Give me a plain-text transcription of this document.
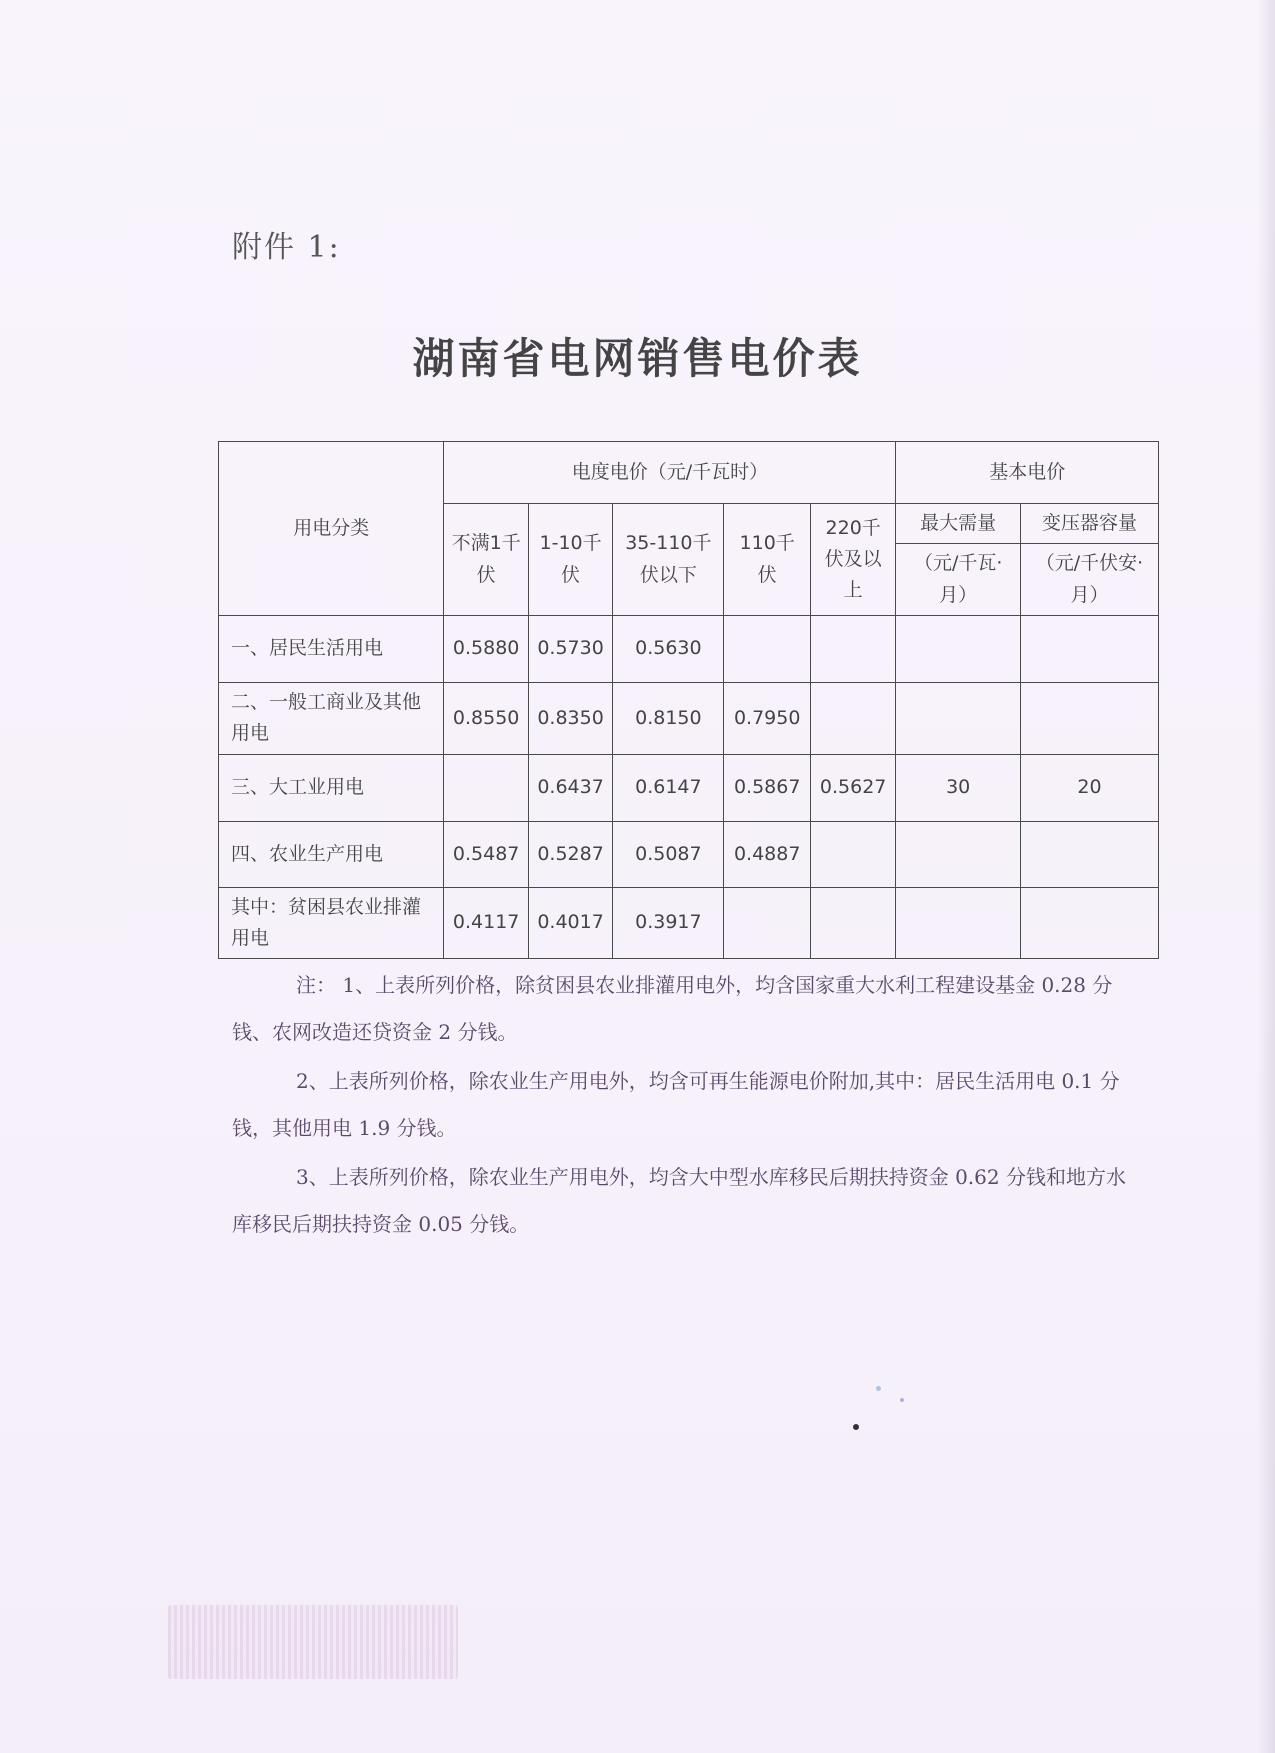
附件 1:
湖南省电网销售电价表
用电分类	电度电价（元/千瓦时）					基本电价	
	不满1千伏	1-10千伏	35-110千伏以下	110千伏	220千伏及以上	最大需量	变压器容量
						（元/千瓦·月）	（元/千伏安·月）
一、居民生活用电	0.5880	0.5730	0.5630				
二、一般工商业及其他用电	0.8550	0.8350	0.8150	0.7950			
三、大工业用电		0.6437	0.6147	0.5867	0.5627	30	20
四、农业生产用电	0.5487	0.5287	0.5087	0.4887			
其中：贫困县农业排灌用电	0.4117	0.4017	0.3917				

注： 1、上表所列价格，除贫困县农业排灌用电外，均含国家重大水利工程建设基金 0.28 分钱、农网改造还贷资金 2 分钱。

2、上表所列价格，除农业生产用电外，均含可再生能源电价附加,其中：居民生活用电 0.1 分钱，其他用电 1.9 分钱。

3、上表所列价格，除农业生产用电外，均含大中型水库移民后期扶持资金 0.62 分钱和地方水库移民后期扶持资金 0.05 分钱。
